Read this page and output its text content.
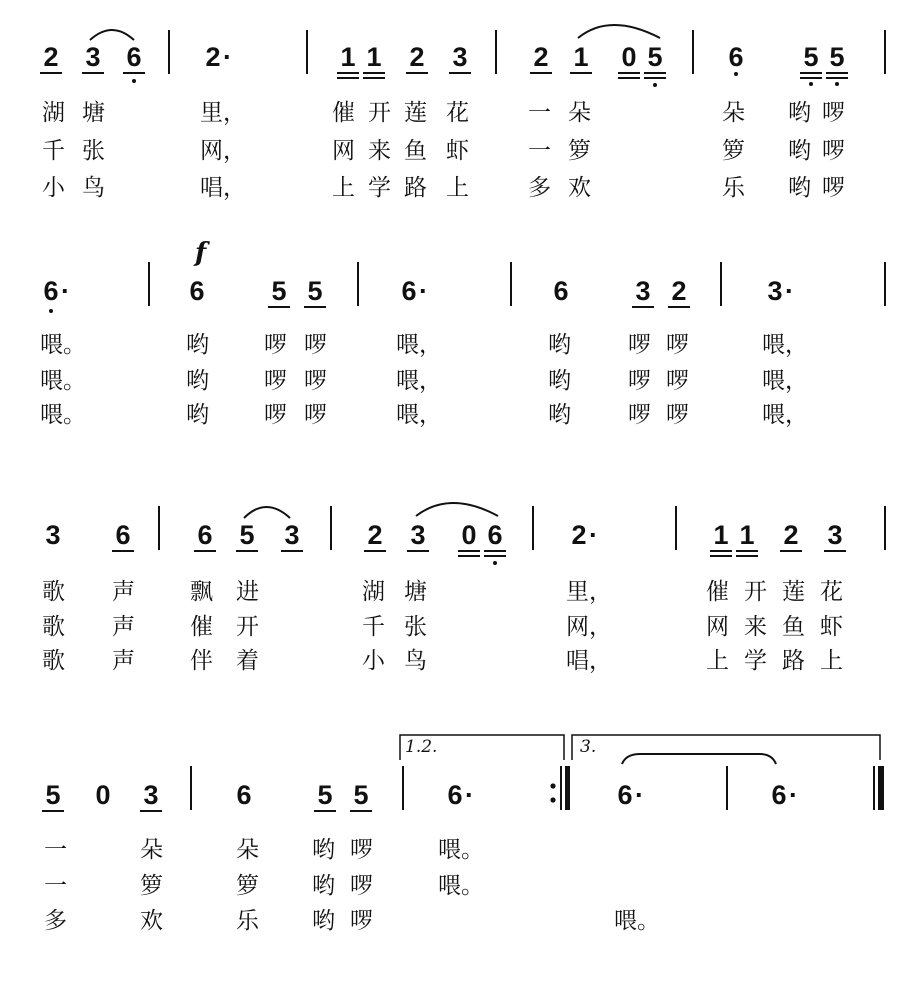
2 3 6 2 ·	1 1 2 3 2 1 0 5 6 5 5
湖 塘	里，	催 开 莲 花	一 朵	朵 哟 啰
千 张	网，	网 来 鱼 虾	一 箩	箩 哟 啰
小 鸟	唱，	上 学 路 上	多 欢	乐 哟 啰
f
6 ·	6 5 5	6 ·	6 3 2	3 ·
喂。	哟 啰 啰	喂，	哟 啰 啰	喂，
喂。	哟 啰 啰	喂，	哟 啰 啰	喂，
喂。	哟 啰 啰	喂，	哟 啰 啰	喂，
3 6 6 5 3	2 3 0 6	2 ·	1 1 2 3
歌 声 飘 进	湖 塘	里，	催 开 莲 花
歌 声 催 开	千 张	网，	网 来 鱼 虾
歌 声 伴 着	小 鸟	唱，	上 学 路 上
1.2.	3.
5 0 3	6 5 5	6 ·	6 ·	6 ·
一	朵	朵 哟 啰	喂。
一	箩	箩 哟 啰	喂。
多	欢	乐 哟 啰	喂。
